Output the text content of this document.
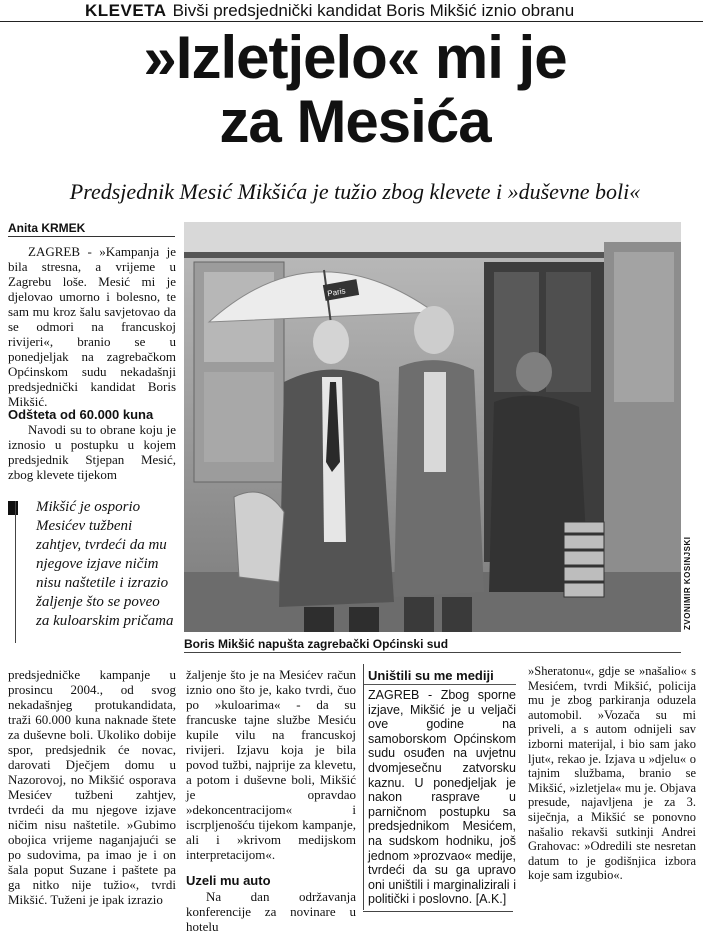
KLEVETA Bivši predsjednički kandidat Boris Mikšić iznio obranu
»Izletjelo« mi je
za Mesića
Predsjednik Mesić Mikšića je tužio zbog klevete i »duševne boli«
Anita KRMEK
ZAGREB - »Kampanja je bila stresna, a vrijeme u Zagrebu loše. Mesić mi je djelovao umorno i bolesno, te sam mu kroz šalu savjetovao da se odmori na francuskoj rivijeri«, branio se u ponedjeljak na zagrebačkom Općinskom sudu nekadašnji predsjednički kandidat Boris Mikšić.
Odšteta od 60.000 kuna
Navodi su to obrane koju je iznosio u postupku u kojem predsjednik Stjepan Mesić, zbog klevete tijekom
Mikšić je osporio Mesićev tužbeni zahtjev, tvrdeći da mu njegove izjave ničim nisu naštetile i izrazio žaljenje što se poveo za kuloarskim pričama
Paris
ZVONIMIR KOSINJSKI
Boris Mikšić napušta zagrebački Općinski sud
predsjedničke kampanje u prosincu 2004., od svog nekadašnjeg protukandidata, traži 60.000 kuna naknade štete za duševne boli. Ukoliko dobije spor, predsjednik će novac, darovati Dječjem domu u Nazorovoj, no Mikšić osporava Mesićev tužbeni zahtjev, tvrdeći da mu njegove izjave ničim nisu naštetile. »Gubimo obojica vrijeme naganjajući se po sudovima, pa imao je i on šala poput Suzane i paštete pa ga nitko nije tužio«, tvrdi Mikšić. Tuženi je ipak izrazio
žaljenje što je na Mesićev račun iznio ono što je, kako tvrdi, čuo po »kuloarima« - da su francuske tajne službe Mesiću kupile vilu na francuskoj rivijeri. Izjavu koja je bila povod tužbi, najprije za klevetu, a potom i duševne boli, Mikšić je opravdao »dekoncentracijom« i iscrpljenošću tijekom kampanje, ali i »krivom medijskom interpretacijom«.
Uzeli mu auto
Na dan održavanja konferencije za novinare u hotelu
Uništili su me mediji
ZAGREB - Zbog sporne izjave, Mikšić je u veljači ove godine na samoborskom Općinskom sudu osuđen na uvjetnu dvomjesečnu zatvorsku kaznu. U ponedjeljak je nakon rasprave u parničnom postupku sa predsjednikom Mesićem, na sudskom hodniku, još jednom »prozvao« medije, tvrdeći da su ga upravo oni uništili i marginalizirali i politički i poslovno. [A.K.]
»Sheratonu«, gdje se »našalio« s Mesićem, tvrdi Mikšić, policija mu je zbog parkiranja oduzela automobil. »Vozača su mi priveli, a s autom odnijeli sav izborni materijal, i bio sam jako ljut«, rekao je. Izjava u »djelu« o tajnim službama, branio se Mikšić, »izletjela« mu je. Objava presude, najavljena je za 3. siječnja, a Mikšić se ponovno našalio rekavši sutkinji Andrei Grahovac: »Odredili ste nesretan datum to je godišnjica izbora koje sam izgubio«.
